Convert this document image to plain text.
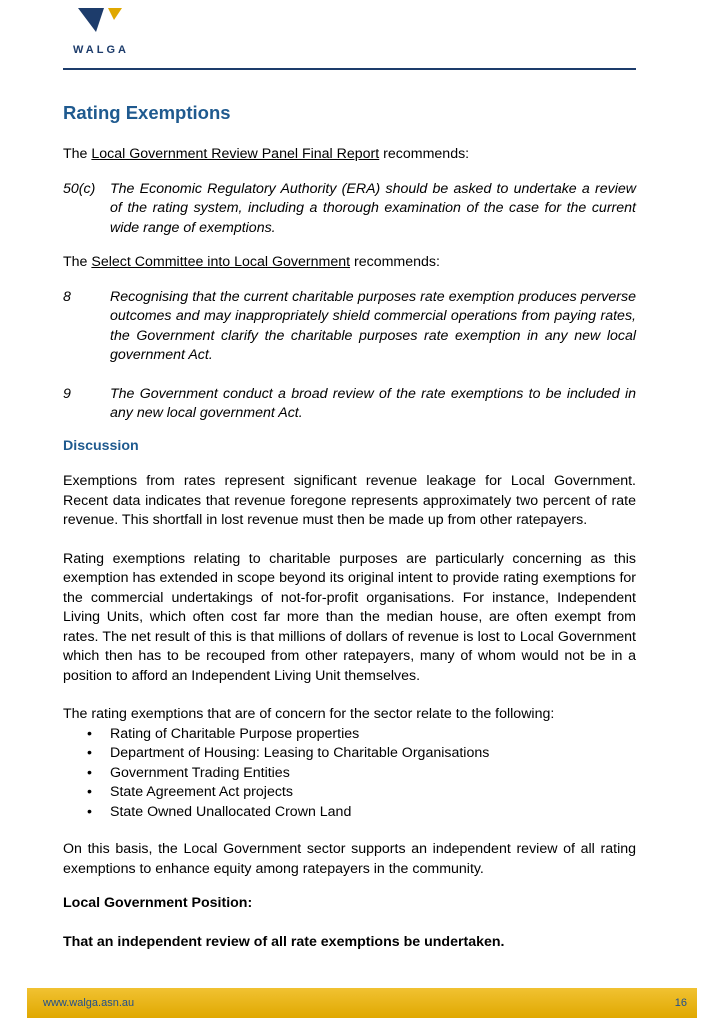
WALGA
Rating Exemptions

The Local Government Review Panel Final Report recommends:

50(c)	The Economic Regulatory Authority (ERA) should be asked to undertake a review of the rating system, including a thorough examination of the case for the current wide range of exemptions.

The Select Committee into Local Government recommends:

8	Recognising that the current charitable purposes rate exemption produces perverse outcomes and may inappropriately shield commercial operations from paying rates, the Government clarify the charitable purposes rate exemption in any new local government Act.
9	The Government conduct a broad review of the rate exemptions to be included in any new local government Act.
Discussion

Exemptions from rates represent significant revenue leakage for Local Government. Recent data indicates that revenue foregone represents approximately two percent of rate revenue. This shortfall in lost revenue must then be made up from other ratepayers.

Rating exemptions relating to charitable purposes are particularly concerning as this exemption has extended in scope beyond its original intent to provide rating exemptions for the commercial undertakings of not-for-profit organisations. For instance, Independent Living Units, which often cost far more than the median house, are often exempt from rates. The net result of this is that millions of dollars of revenue is lost to Local Government which then has to be recouped from other ratepayers, many of whom would not be in a position to afford an Independent Living Unit themselves.

The rating exemptions that are of concern for the sector relate to the following:

• Rating of Charitable Purpose properties
• Department of Housing: Leasing to Charitable Organisations
• Government Trading Entities
• State Agreement Act projects
• State Owned Unallocated Crown Land

On this basis, the Local Government sector supports an independent review of all rating exemptions to enhance equity among ratepayers in the community.

Local Government Position:

That an independent review of all rate exemptions be undertaken.

www.walga.asn.au	16
